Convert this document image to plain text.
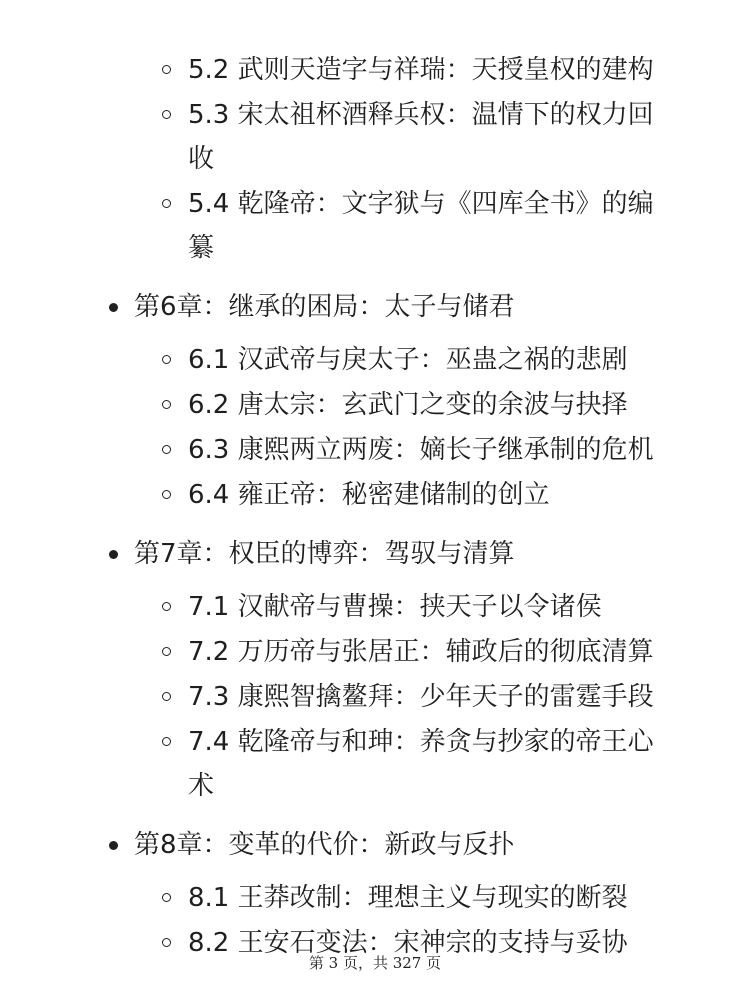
5.2 武则天造字与祥瑞：天授皇权的建构
5.3 宋太祖杯酒释兵权：温情下的权力回收
5.4 乾隆帝：文字狱与《四库全书》的编纂
第6章：继承的困局：太子与储君
6.1 汉武帝与戾太子：巫蛊之祸的悲剧
6.2 唐太宗：玄武门之变的余波与抉择
6.3 康熙两立两废：嫡长子继承制的危机
6.4 雍正帝：秘密建储制的创立
第7章：权臣的博弈：驾驭与清算
7.1 汉献帝与曹操：挟天子以令诸侯
7.2 万历帝与张居正：辅政后的彻底清算
7.3 康熙智擒鳌拜：少年天子的雷霆手段
7.4 乾隆帝与和珅：养贪与抄家的帝王心术
第8章：变革的代价：新政与反扑
8.1 王莽改制：理想主义与现实的断裂
8.2 王安石变法：宋神宗的支持与妥协
第 3 页，共 327 页
